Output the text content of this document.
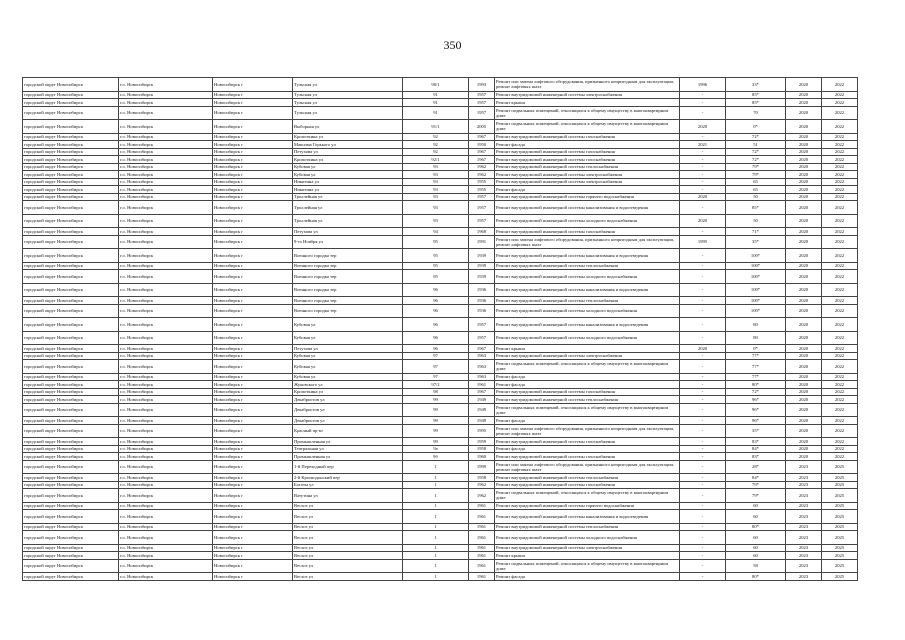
350
городской округ Новосибирск	г.о. Новосибирск	Новосибирск г	Тульская ул	90/1	1993	Ремонт или замена лифтового оборудования, признанного непригодным для эксплуатации, ремонт лифтовых шахт	1996	33*	2020	2022
городской округ Новосибирск	г.о. Новосибирск	Новосибирск г	Тульская ул	91	1957	Ремонт внутридомовой инженерной системы электроснабжения	-	85*	2020	2022
городской округ Новосибирск	г.о. Новосибирск	Новосибирск г	Тульская ул	91	1957	Ремонт крыши	-	85*	2020	2022
городской округ Новосибирск	г.о. Новосибирск	Новосибирск г	Тульская ул	91	1957	Ремонт подвальных помещений, относящихся к общему имуществу в многоквартирном доме	-	70	2020	2022
городской округ Новосибирск	г.о. Новосибирск	Новосибирск г	Выборная ул	91/1	2005	Ремонт подвальных помещений, относящихся к общему имуществу в многоквартирном доме	2020	0*	2020	2022
городской округ Новосибирск	г.о. Новосибирск	Новосибирск г	Кропоткина ул	92	1967	Ремонт внутридомовой инженерной системы газоснабжения	-	72*	2020	2022
городской округ Новосибирск	г.о. Новосибирск	Новосибирск г	Максима Горького ул	92	1950	Ремонт фасада	2021	51	2020	2022
городской округ Новосибирск	г.о. Новосибирск	Новосибирск г	Петухова ул	92	1967	Ремонт внутридомовой инженерной системы газоснабжения	-	72*	2020	2022
городской округ Новосибирск	г.о. Новосибирск	Новосибирск г	Кропоткина ул	92/1	1967	Ремонт внутридомовой инженерной системы газоснабжения	-	72*	2020	2022
городской округ Новосибирск	г.о. Новосибирск	Новосибирск г	Кубовая ул	93	1962	Ремонт внутридомовой инженерной системы теплоснабжения	-	79*	2020	2022
городской округ Новосибирск	г.о. Новосибирск	Новосибирск г	Кубовая ул	93	1962	Ремонт внутридомовой инженерной системы электроснабжения	-	79*	2020	2022
городской округ Новосибирск	г.о. Новосибирск	Новосибирск г	Никитина ул	93	1955	Ремонт внутридомовой инженерной системы электроснабжения	-	65	2020	2022
городской округ Новосибирск	г.о. Новосибирск	Новосибирск г	Никитина ул	93	1955	Ремонт фасада	-	65	2020	2022
городской округ Новосибирск	г.о. Новосибирск	Новосибирск г	Троллейная ул	93	1957	Ремонт внутридомовой инженерной системы горячего водоснабжения	2020	50	2020	2022
городской округ Новосибирск	г.о. Новосибирск	Новосибирск г	Троллейная ул	93	1957	Ремонт внутридомовой инженерной системы канализования и водоотведения	-	85*	2020	2022
городской округ Новосибирск	г.о. Новосибирск	Новосибирск г	Троллейная ул	93	1957	Ремонт внутридомовой инженерной системы холодного водоснабжения	2020	50	2020	2022
городской округ Новосибирск	г.о. Новосибирск	Новосибирск г	Петухова ул	94	1968	Ремонт внутридомовой инженерной системы газоснабжения	-	71*	2020	2022
городской округ Новосибирск	г.о. Новосибирск	Новосибирск г	9-го Ноября ул	95	1991	Ремонт или замена лифтового оборудования, признанного непригодным для эксплуатации, ремонт лифтовых шахт	1995	35*	2020	2022
городской округ Новосибирск	г.о. Новосибирск	Новосибирск г	Военного городка тер	95	1939	Ремонт внутридомовой инженерной системы канализования и водоотведения	-	100*	2020	2022
городской округ Новосибирск	г.о. Новосибирск	Новосибирск г	Военного городка тер	95	1939	Ремонт внутридомовой инженерной системы теплоснабжения	-	100*	2020	2022
городской округ Новосибирск	г.о. Новосибирск	Новосибирск г	Военного городка тер	95	1939	Ремонт внутридомовой инженерной системы холодного водоснабжения	-	100*	2020	2022
городской округ Новосибирск	г.о. Новосибирск	Новосибирск г	Военного городка тер	96	1936	Ремонт внутридомовой инженерной системы канализования и водоотведения	-	100*	2020	2022
городской округ Новосибирск	г.о. Новосибирск	Новосибирск г	Военного городка тер	96	1936	Ремонт внутридомовой инженерной системы теплоснабжения	-	100*	2020	2022
городской округ Новосибирск	г.о. Новосибирск	Новосибирск г	Военного городка тер	96	1936	Ремонт внутридомовой инженерной системы холодного водоснабжения	-	100*	2020	2022
городской округ Новосибирск	г.о. Новосибирск	Новосибирск г	Кубовая ул	96	1957	Ремонт внутридомовой инженерной системы канализования и водоотведения	-	80	2020	2022
городской округ Новосибирск	г.о. Новосибирск	Новосибирск г	Кубовая ул	96	1957	Ремонт внутридомовой инженерной системы холодного водоснабжения	-	80	2020	2022
городской округ Новосибирск	г.о. Новосибирск	Новосибирск г	Петухова ул	96	1967	Ремонт крыши	2020	0*	2020	2022
городской округ Новосибирск	г.о. Новосибирск	Новосибирск г	Кубовая ул	97	1963	Ремонт внутридомовой инженерной системы электроснабжения	-	77*	2020	2022
городской округ Новосибирск	г.о. Новосибирск	Новосибирск г	Кубовая ул	97	1963	Ремонт подвальных помещений, относящихся к общему имуществу в многоквартирном доме	-	77*	2020	2022
городской округ Новосибирск	г.о. Новосибирск	Новосибирск г	Кубовая ул	97	1963	Ремонт фасада	-	77*	2020	2022
городской округ Новосибирск	г.о. Новосибирск	Новосибирск г	Жуковского ул	97/2	1961	Ремонт фасада	-	80*	2020	2022
городской округ Новосибирск	г.о. Новосибирск	Новосибирск г	Кропоткина ул	98	1967	Ремонт внутридомовой инженерной системы газоснабжения	-	72*	2020	2022
городской округ Новосибирск	г.о. Новосибирск	Новосибирск г	Декабристов ул	99	1949	Ремонт внутридомовой инженерной системы теплоснабжения	-	96*	2020	2022
городской округ Новосибирск	г.о. Новосибирск	Новосибирск г	Декабристов ул	99	1949	Ремонт подвальных помещений, относящихся к общему имуществу в многоквартирном доме	-	96*	2020	2022
городской округ Новосибирск	г.о. Новосибирск	Новосибирск г	Декабристов ул	99	1949	Ремонт фасада	-	96*	2020	2022
городской округ Новосибирск	г.о. Новосибирск	Новосибирск г	Красный пр-кт	99	1995	Ремонт или замена лифтового оборудования, признанного непригодным для эксплуатации, ремонт лифтовых шахт	-	35*	2020	2022
городской округ Новосибирск	г.о. Новосибирск	Новосибирск г	Промышленная ул	99	1959	Ремонт внутридомовой инженерной системы газоснабжения	-	83*	2020	2022
городской округ Новосибирск	г.о. Новосибирск	Новосибирск г	Театральная ул	9a	1958	Ремонт фасада	-	84*	2020	2022
городской округ Новосибирск	г.о. Новосибирск	Новосибирск г	Промышленная ул	9б	1960	Ремонт внутридомовой инженерной системы газоснабжения	-	83*	2020	2022
городской округ Новосибирск	г.о. Новосибирск	Новосибирск г	1-й Переходный пер	1	1999	Ремонт или замена лифтового оборудования, признанного непригодным для эксплуатации, ремонт лифтовых шахт	-	28*	2023	2025
городской округ Новосибирск	г.о. Новосибирск	Новосибирск г	2-й Краснодонский пер	1	1958	Ремонт внутридомовой инженерной системы теплоснабжения	-	84*	2023	2025
городской округ Новосибирск	г.о. Новосибирск	Новосибирск г	Боготы ул	1	1962	Ремонт внутридомовой инженерной системы газоснабжения	-	79*	2023	2025
городской округ Новосибирск	г.о. Новосибирск	Новосибирск г	Ватутина ул	1	1962	Ремонт подвальных помещений, относящихся к общему имуществу в многоквартирном доме	-	79*	2023	2025
городской округ Новосибирск	г.о. Новосибирск	Новосибирск г	Весхоз ул	1	1961	Ремонт внутридомовой инженерной системы горячего водоснабжения	-	60	2023	2025
городской округ Новосибирск	г.о. Новосибирск	Новосибирск г	Весхоз ул	1	1961	Ремонт внутридомовой инженерной системы канализования и водоотведения	-	60	2023	2025
городской округ Новосибирск	г.о. Новосибирск	Новосибирск г	Весхоз ул	1	1961	Ремонт внутридомовой инженерной системы теплоснабжения	-	80*	2023	2025
городской округ Новосибирск	г.о. Новосибирск	Новосибирск г	Весхоз ул	1	1961	Ремонт внутридомовой инженерной системы холодного водоснабжения	-	60	2023	2025
городской округ Новосибирск	г.о. Новосибирск	Новосибирск г	Весхоз ул	1	1961	Ремонт внутридомовой инженерной системы электроснабжения	-	60	2023	2025
городской округ Новосибирск	г.о. Новосибирск	Новосибирск г	Весхоз ул	1	1961	Ремонт крыши	-	60	2023	2025
городской округ Новосибирск	г.о. Новосибирск	Новосибирск г	Весхоз ул	1	1961	Ремонт подвальных помещений, относящихся к общему имуществу в многоквартирном доме	-	58	2023	2025
городской округ Новосибирск	г.о. Новосибирск	Новосибирск г	Весхоз ул	1	1961	Ремонт фасада	-	80*	2023	2025
